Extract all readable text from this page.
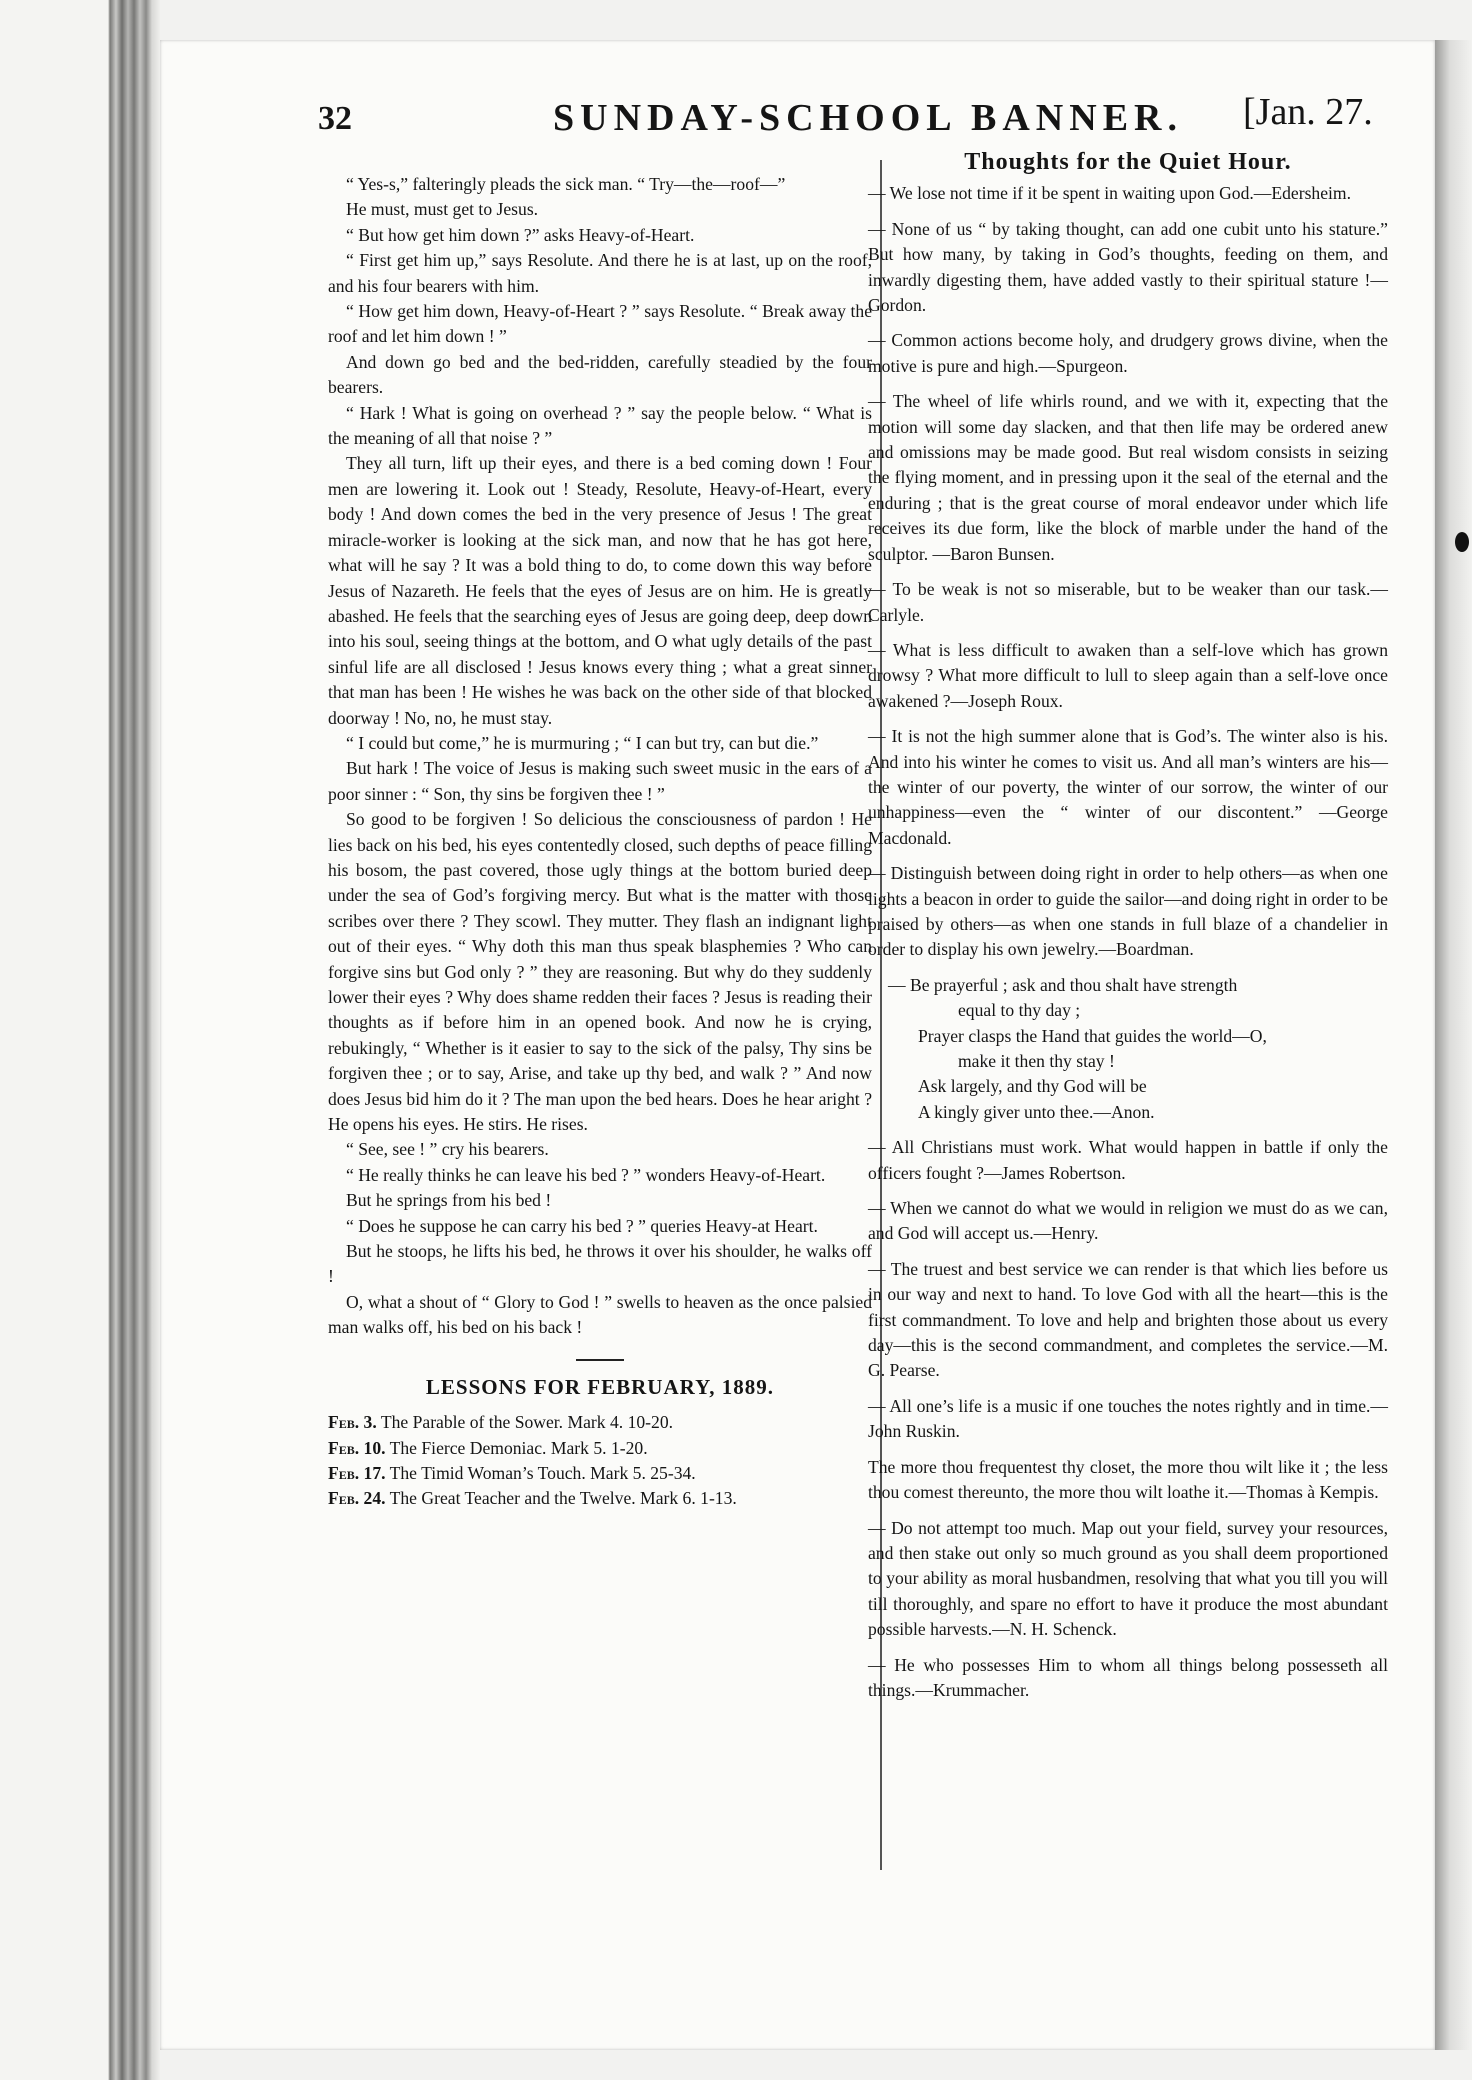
32	SUNDAY-SCHOOL BANNER. [Jan. 27.

“ Yes-s,” falteringly pleads the sick man. “ Try—the—roof—”

He must, must get to Jesus.

“ But how get him down ?” asks Heavy-of-Heart.

“ First get him up,” says Resolute. And there he is at last, up on the roof, and his four bearers with him.

“ How get him down, Heavy-of-Heart ? ” says Resolute. “ Break away the roof and let him down ! ”

And down go bed and the bed-ridden, carefully steadied by the four bearers.

“ Hark ! What is going on overhead ? ” say the people below. “ What is the meaning of all that noise ? ”

They all turn, lift up their eyes, and there is a bed coming down ! Four men are lowering it. Look out ! Steady, Resolute, Heavy-of-Heart, every body ! And down comes the bed in the very presence of Jesus ! The great miracle-worker is looking at the sick man, and now that he has got here, what will he say ? It was a bold thing to do, to come down this way before Jesus of Nazareth. He feels that the eyes of Jesus are on him. He is greatly abashed. He feels that the searching eyes of Jesus are going deep, deep down into his soul, seeing things at the bottom, and O what ugly details of the past sinful life are all disclosed ! Jesus knows every thing ; what a great sinner that man has been ! He wishes he was back on the other side of that blocked doorway ! No, no, he must stay.

“ I could but come,” he is murmuring ; “ I can but try, can but die.”

But hark ! The voice of Jesus is making such sweet music in the ears of a poor sinner : “ Son, thy sins be forgiven thee ! ”

So good to be forgiven ! So delicious the consciousness of pardon ! He lies back on his bed, his eyes contentedly closed, such depths of peace filling his bosom, the past covered, those ugly things at the bottom buried deep under the sea of God’s forgiving mercy. But what is the matter with those scribes over there ? They scowl. They mutter. They flash an indignant light out of their eyes. “ Why doth this man thus speak blasphemies ? Who can forgive sins but God only ? ” they are reasoning. But why do they suddenly lower their eyes ? Why does shame redden their faces ? Jesus is reading their thoughts as if before him in an opened book. And now he is crying, rebukingly, “ Whether is it easier to say to the sick of the palsy, Thy sins be forgiven thee ; or to say, Arise, and take up thy bed, and walk ? ” And now does Jesus bid him do it ? The man upon the bed hears. Does he hear aright ? He opens his eyes. He stirs. He rises.

“ See, see ! ” cry his bearers.

“ He really thinks he can leave his bed ? ” wonders Heavy-of-Heart.

But he springs from his bed !

“ Does he suppose he can carry his bed ? ” queries Heavy-at Heart.

But he stoops, he lifts his bed, he throws it over his shoulder, he walks off !

O, what a shout of “ Glory to God ! ” swells to heaven as the once palsied man walks off, his bed on his back !

LESSONS FOR FEBRUARY, 1889.

Feb. 3. The Parable of the Sower. Mark 4. 10-20.

Feb. 10. The Fierce Demoniac. Mark 5. 1-20.

Feb. 17. The Timid Woman’s Touch. Mark 5. 25-34.

Feb. 24. The Great Teacher and the Twelve. Mark 6. 1-13.

Thoughts for the Quiet Hour.

— We lose not time if it be spent in waiting upon God.—Edersheim.

— None of us “ by taking thought, can add one cubit unto his stature.” But how many, by taking in God’s thoughts, feeding on them, and inwardly digesting them, have added vastly to their spiritual stature !—Gordon.

— Common actions become holy, and drudgery grows divine, when the motive is pure and high.—Spurgeon.

— The wheel of life whirls round, and we with it, expecting that the motion will some day slacken, and that then life may be ordered anew and omissions may be made good. But real wisdom consists in seizing the flying moment, and in pressing upon it the seal of the eternal and the enduring ; that is the great course of moral endeavor under which life receives its due form, like the block of marble under the hand of the sculptor. —Baron Bunsen.

— To be weak is not so miserable, but to be weaker than our task.—Carlyle.

— What is less difficult to awaken than a self-love which has grown drowsy ? What more difficult to lull to sleep again than a self-love once awakened ?—Joseph Roux.

— It is not the high summer alone that is God’s. The winter also is his. And into his winter he comes to visit us. And all man’s winters are his—the winter of our poverty, the winter of our sorrow, the winter of our unhappiness—even the “ winter of our discontent.” —George Macdonald.

— Distinguish between doing right in order to help others—as when one lights a beacon in order to guide the sailor—and doing right in order to be praised by others—as when one stands in full blaze of a chandelier in order to display his own jewelry.—Boardman.

— Be prayerful ; ask and thou shalt have strength
equal to thy day ;
Prayer clasps the Hand that guides the world—O,
make it then thy stay !
Ask largely, and thy God will be
A kingly giver unto thee.—Anon.

— All Christians must work. What would happen in battle if only the officers fought ?—James Robertson.

— When we cannot do what we would in religion we must do as we can, and God will accept us.—Henry.

— The truest and best service we can render is that which lies before us in our way and next to hand. To love God with all the heart—this is the first commandment. To love and help and brighten those about us every day—this is the second commandment, and completes the service.—M. G. Pearse.

— All one’s life is a music if one touches the notes rightly and in time.—John Ruskin.

The more thou frequentest thy closet, the more thou wilt like it ; the less thou comest thereunto, the more thou wilt loathe it.—Thomas à Kempis.

— Do not attempt too much. Map out your field, survey your resources, and then stake out only so much ground as you shall deem proportioned to your ability as moral husbandmen, resolving that what you till you will till thoroughly, and spare no effort to have it produce the most abundant possible harvests.—N. H. Schenck.

— He who possesses Him to whom all things belong possesseth all things.—Krummacher.
